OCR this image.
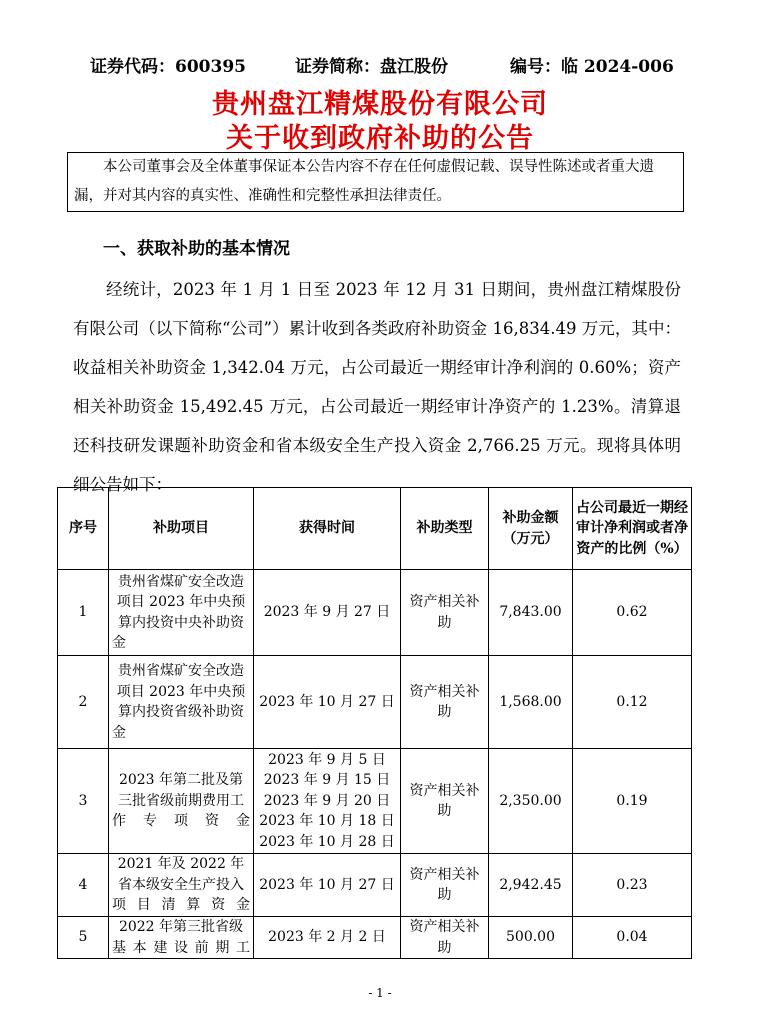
证券代码：600395	证券简称：盘江股份	编号：临 2024-006
贵州盘江精煤股份有限公司
关于收到政府补助的公告
本公司董事会及全体董事保证本公告内容不存在任何虚假记载、误导性陈述或者重大遗漏，并对其内容的真实性、准确性和完整性承担法律责任。
一、获取补助的基本情况
经统计，2023 年 1 月 1 日至 2023 年 12 月 31 日期间，贵州盘江精煤股份有限公司（以下简称“公司”）累计收到各类政府补助资金 16,834.49 万元，其中：收益相关补助资金 1,342.04 万元，占公司最近一期经审计净利润的 0.60%；资产相关补助资金 15,492.45 万元，占公司最近一期经审计净资产的 1.23%。清算退还科技研发课题补助资金和省本级安全生产投入资金 2,766.25 万元。现将具体明细公告如下：
序号	补助项目	获得时间	补助类型	补助金额（万元）	占公司最近一期经审计净利润或者净资产的比例（%）
1	贵州省煤矿安全改造项目 2023 年中央预算内投资中央补助资金	2023 年 9 月 27 日	资产相关补助	7,843.00	0.62
2	贵州省煤矿安全改造项目 2023 年中央预算内投资省级补助资金	2023 年 10 月 27 日	资产相关补助	1,568.00	0.12
3	2023 年第二批及第三批省级前期费用工作专项资金	2023 年 9 月 5 日
2023 年 9 月 15 日
2023 年 9 月 20 日
2023 年 10 月 18 日
2023 年 10 月 28 日	资产相关补助	2,350.00	0.19
4	2021 年及 2022 年省本级安全生产投入项目清算资金	2023 年 10 月 27 日	资产相关补助	2,942.45	0.23
5	2022 年第三批省级基本建设前期工	2023 年 2 月 2 日	资产相关补助	500.00	0.04
- 1 -
